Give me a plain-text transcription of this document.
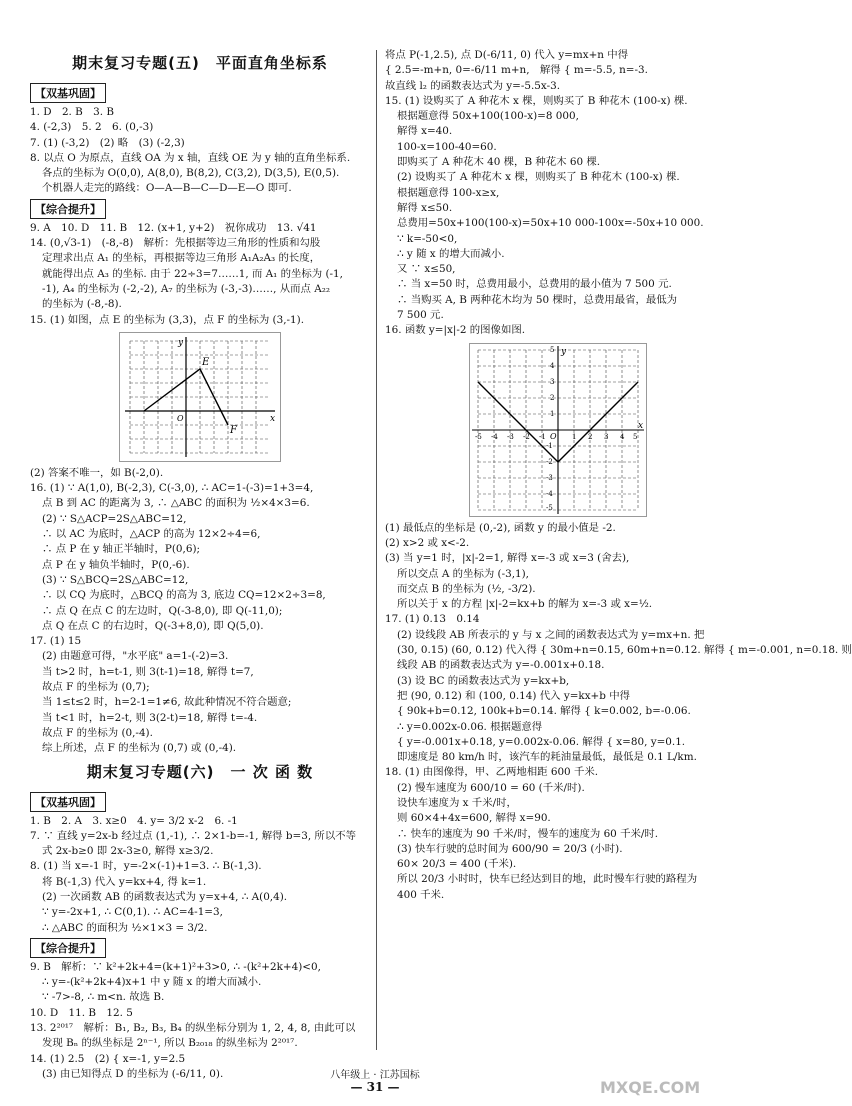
期末复习专题(五)　平面直角坐标系
【双基巩固】
1. D　2. B　3. B
4. (-2,3)　5. 2　6. (0,-3)
7. (1) (-3,2)　(2) 略　(3) (-2,3)
8. 以点 O 为原点，直线 OA 为 x 轴，直线 OE 为 y 轴的直角坐标系.
各点的坐标为 O(0,0), A(8,0), B(8,2), C(3,2), D(3,5), E(0,5).
个机器人走完的路线：O—A—B—C—D—E—O 即可.
【综合提升】
9. A　10. D　11. B　12. (x+1, y+2)　祝你成功　13. √41
14. (0,√3-1)　(-8,-8)　解析：先根据等边三角形的性质和勾股
定理求出点 A₁ 的坐标，再根据等边三角形 A₁A₂A₃ 的长度，
就能得出点 A₃ 的坐标. 由于 22÷3=7……1, 而 A₁ 的坐标为 (-1,
-1), A₄ 的坐标为 (-2,-2), A₇ 的坐标为 (-3,-3)……, 从而点 A₂₂
的坐标为 (-8,-8).
15. (1) 如图，点 E 的坐标为 (3,3)，点 F 的坐标为 (3,-1).
E
F
y
x
O
(2) 答案不唯一，如 B(-2,0).
16. (1) ∵ A(1,0), B(-2,3), C(-3,0), ∴ AC=1-(-3)=1+3=4,
点 B 到 AC 的距离为 3, ∴ △ABC 的面积为 ½×4×3=6.
(2) ∵ S△ACP=2S△ABC=12,
∴ 以 AC 为底时，△ACP 的高为 12×2÷4=6,
∴ 点 P 在 y 轴正半轴时，P(0,6);
点 P 在 y 轴负半轴时，P(0,-6).
(3) ∵ S△BCQ=2S△ABC=12,
∴ 以 CQ 为底时，△BCQ 的高为 3, 底边 CQ=12×2÷3=8,
∴ 点 Q 在点 C 的左边时，Q(-3-8,0), 即 Q(-11,0);
点 Q 在点 C 的右边时，Q(-3+8,0), 即 Q(5,0).
17. (1) 15
(2) 由题意可得，"水平底" a=1-(-2)=3.
当 t>2 时，h=t-1, 则 3(t-1)=18, 解得 t=7,
故点 F 的坐标为 (0,7);
当 1≤t≤2 时，h=2-1=1≠6, 故此种情况不符合题意;
当 t<1 时，h=2-t, 则 3(2-t)=18, 解得 t=-4.
故点 F 的坐标为 (0,-4).
综上所述，点 F 的坐标为 (0,7) 或 (0,-4).
期末复习专题(六)　一 次 函 数
【双基巩固】
1. B　2. A　3. x≥0　4. y= 3/2 x-2　6. -1
7. ∵ 直线 y=2x-b 经过点 (1,-1), ∴ 2×1-b=-1, 解得 b=3, 所以不等
式 2x-b≥0 即 2x-3≥0, 解得 x≥3/2.
8. (1) 当 x=-1 时，y=-2×(-1)+1=3. ∴ B(-1,3).
将 B(-1,3) 代入 y=kx+4, 得 k=1.
(2) 一次函数 AB 的函数表达式为 y=x+4, ∴ A(0,4).
∵ y=-2x+1, ∴ C(0,1). ∴ AC=4-1=3,
∴ △ABC 的面积为 ½×1×3 = 3/2.
【综合提升】
9. B　解析：∵ k²+2k+4=(k+1)²+3>0, ∴ -(k²+2k+4)<0,
∴ y=-(k²+2k+4)x+1 中 y 随 x 的增大而减小.
∵ -7>-8, ∴ m<n. 故选 B.
10. D　11. B　12. 5
13. 2²⁰¹⁷　解析：B₁, B₂, B₃, B₄ 的纵坐标分别为 1, 2, 4, 8, 由此可以
发现 Bₙ 的纵坐标是 2ⁿ⁻¹, 所以 B₂₀₁₈ 的纵坐标为 2²⁰¹⁷.
14. (1) 2.5　(2) { x=-1, y=2.5
(3) 由已知得点 D 的坐标为 (-6/11, 0).
将点 P(-1,2.5), 点 D(-6/11, 0) 代入 y=mx+n 中得
{ 2.5=-m+n, 0=-6/11 m+n,　解得 { m=-5.5, n=-3.
故直线 l₂ 的函数表达式为 y=-5.5x-3.
15. (1) 设购买了 A 种花木 x 棵，则购买了 B 种花木 (100-x) 棵.
根据题意得 50x+100(100-x)=8 000,
解得 x=40.
100-x=100-40=60.
即购买了 A 种花木 40 棵，B 种花木 60 棵.
(2) 设购买了 A 种花木 x 棵，则购买了 B 种花木 (100-x) 棵.
根据题意得 100-x≥x,
解得 x≤50.
总费用=50x+100(100-x)=50x+10 000-100x=-50x+10 000.
∵ k=-50<0,
∴ y 随 x 的增大而减小.
又 ∵ x≤50,
∴ 当 x=50 时，总费用最小，总费用的最小值为 7 500 元.
∴ 当购买 A, B 两种花木均为 50 棵时，总费用最省，最低为
7 500 元.
16. 函数 y=|x|-2 的图像如图.
y
x
O
-5 -4 -3 -2 -1	1 2 3 4 5
5
4
3
2
1
-1
-2
-3
-4
-5
(1) 最低点的坐标是 (0,-2), 函数 y 的最小值是 -2.
(2) x>2 或 x<-2.
(3) 当 y=1 时，|x|-2=1, 解得 x=-3 或 x=3 (舍去),
所以交点 A 的坐标为 (-3,1),
而交点 B 的坐标为 (½, -3/2).
所以关于 x 的方程 |x|-2=kx+b 的解为 x=-3 或 x=½.
17. (1) 0.13　0.14
(2) 设线段 AB 所表示的 y 与 x 之间的函数表达式为 y=mx+n. 把
(30, 0.15) (60, 0.12) 代入得 { 30m+n=0.15, 60m+n=0.12. 解得 { m=-0.001, n=0.18. 则
线段 AB 的函数表达式为 y=-0.001x+0.18.
(3) 设 BC 的函数表达式为 y=kx+b,
把 (90, 0.12) 和 (100, 0.14) 代入 y=kx+b 中得
{ 90k+b=0.12, 100k+b=0.14. 解得 { k=0.002, b=-0.06.
∴ y=0.002x-0.06. 根据题意得
{ y=-0.001x+0.18, y=0.002x-0.06. 解得 { x=80, y=0.1.
即速度是 80 km/h 时，该汽车的耗油量最低，最低是 0.1 L/km.
18. (1) 由图像得，甲、乙两地相距 600 千米.
(2) 慢车速度为 600/10 = 60 (千米/时).
设快车速度为 x 千米/时，
则 60×4+4x=600, 解得 x=90.
∴ 快车的速度为 90 千米/时，慢车的速度为 60 千米/时.
(3) 快车行驶的总时间为 600/90 = 20/3 (小时).
60× 20/3 = 400 (千米).
所以 20/3 小时时，快车已经达到目的地，此时慢车行驶的路程为
400 千米.
八年级上 · 江苏国标
— 31 —	MXQE.COM
